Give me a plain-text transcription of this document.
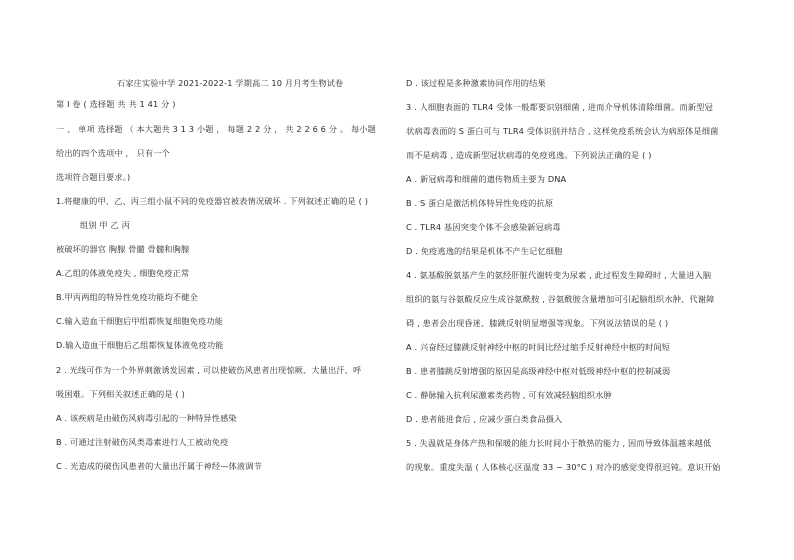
石家庄实验中学 2021-2022-1 学期高二 10 月月考生物试卷
第 I 卷 ( 选择题 共 共 1 41 分 )
一 、 单项 选择题 （ 本大题共 3 1 3 小题 ， 每题 2 2 分 ， 共 2 2 6 6 分 。 每小题
给出的四个选项中 ， 只有一个
选项符合题目要求。)
1.将健康的甲、乙、丙三组小鼠不同的免疫器官被表情况破坏 . 下列叙述正确的是 ( )
组别 甲 乙 丙
被破坏的器官 胸腺 骨髓 骨髓和胸腺
A.乙组的体液免疫失 , 细胞免疫正常
B.甲丙两组的特异性免疫功能均不健全
C.输入造血干细胞后甲组都恢复细胞免疫功能
D.输入造血干细胞后乙组都恢复体液免疫功能
2 . 光线可作为一个外界刺激诱发因素 , 可以使破伤风患者出现惊厥、大量出汗、呼
吸困难。下列相关叙述正确的是 ( )
A . 该疾病是由破伤风病毒引起的一种特异性感染
B . 可通过注射破伤风类毒素进行人工被动免疫
C . 光造成的破伤风患者的大量出汗属于神经—体液调节
D . 该过程是多种激素协同作用的结果
3 . 人细胞表面的 TLR4 受体一般都要识别细菌 , 进而介导机体清除细菌。而新型冠
状病毒表面的 S 蛋白可与 TLR4 受体识别并结合 , 这样免疫系统会认为病原体是细菌
而不是病毒 , 造成新型冠状病毒的免疫逃逸。下列说法正确的是 ( )
A . 新冠病毒和细菌的遗传物质主要为 DNA
B . S 蛋白是激活机体特异性免疫的抗原
C . TLR4 基因突变个体不会感染新冠病毒
D . 免疫逃逸的结果是机体不产生记忆细胞
4 . 氨基酸脱氨基产生的氨经肝脏代谢转变为尿素 , 此过程发生障碍时 , 大量进入脑
组织的氨与谷氨酸反应生成谷氨酰胺 , 谷氨酰胺含量增加可引起脑组织水肿、代谢障
碍 , 患者会出现昏迷、膝跳反射明显增强等现象。下列说法错误的是 ( )
A . 兴奋经过膝跳反射神经中枢的时间比经过缩手反射神经中枢的时间短
B . 患者膝跳反射增强的原因是高级神经中枢对低级神经中枢的控制减弱
C . 静脉输入抗利尿激素类药物 , 可有效减轻脑组织水肿
D . 患者能进食后 , 应减少蛋白类食品摄入
5 . 失温就是身体产热和保暖的能力长时间小于散热的能力 , 因而导致体温越来越低
的现象。重度失温 ( 人体核心区温度 33 ~ 30°C ) 对冷的感觉变得很迟钝。意识开始
